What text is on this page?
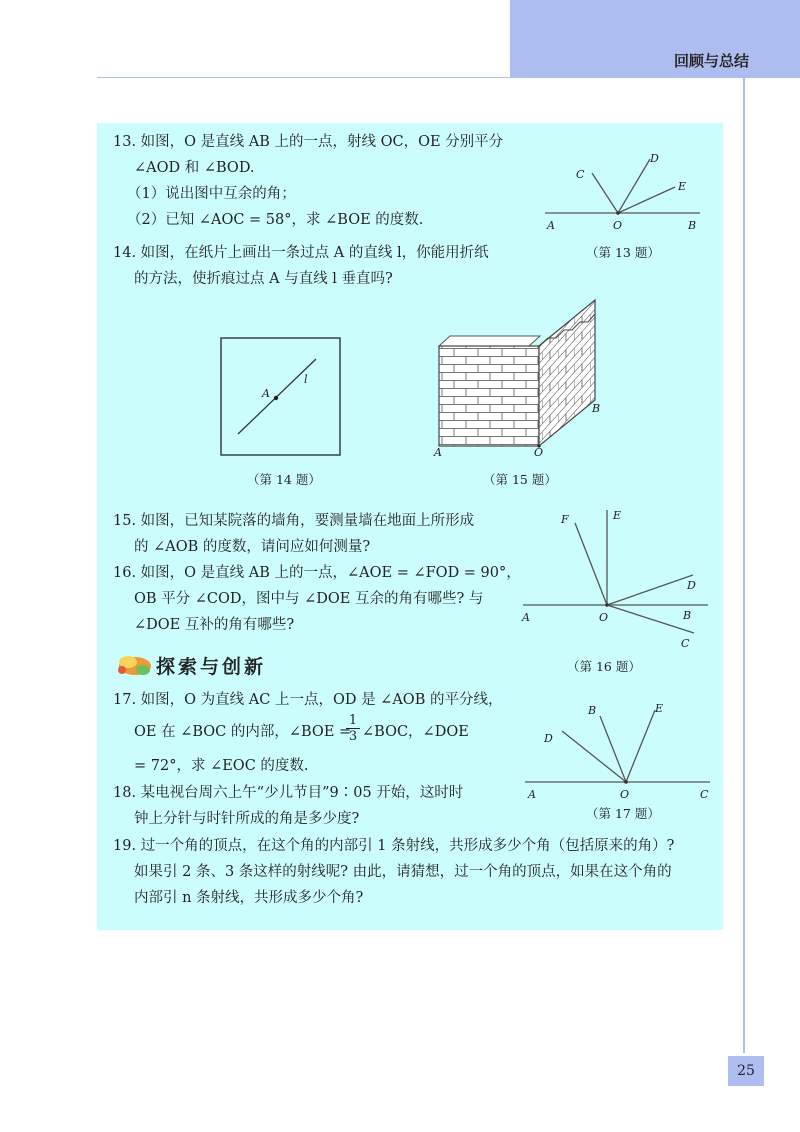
回顾与总结
13. 如图，O 是直线 AB 上的一点，射线 OC，OE 分别平分
∠AOD 和 ∠BOD.
（1）说出图中互余的角；
（2）已知 ∠AOC = 58°，求 ∠BOE 的度数.
C
D
E
A	O	B
（第 13 题）
14. 如图，在纸片上画出一条过点 A 的直线 l，你能用折纸
的方法，使折痕过点 A 与直线 l 垂直吗?
A
l
（第 14 题）
A	O
B
（第 15 题）
15. 如图，已知某院落的墙角，要测量墙在地面上所形成
的 ∠AOB 的度数，请问应如何测量?
16. 如图，O 是直线 AB 上的一点，∠AOE = ∠FOD = 90°，
OB 平分 ∠COD，图中与 ∠DOE 互余的角有哪些? 与
∠DOE 互补的角有哪些?
F	E
D
A	O	B
C
（第 16 题）
探索与创新
17. 如图，O 为直线 AC 上一点，OD 是 ∠AOB 的平分线，
OE 在 ∠BOC 的内部，∠BOE =
$\frac{1}{3}$ ∠BOC，∠DOE
= 72°，求 ∠EOC 的度数.
B	E
D
A	O	C
（第 17 题）
18. 某电视台周六上午“少儿节目”9∶05 开始，这时时
钟上分针与时针所成的角是多少度?
19. 过一个角的顶点，在这个角的内部引 1 条射线，共形成多少个角（包括原来的角）?
如果引 2 条、3 条这样的射线呢? 由此，请猜想，过一个角的顶点，如果在这个角的
内部引 n 条射线，共形成多少个角?
25
